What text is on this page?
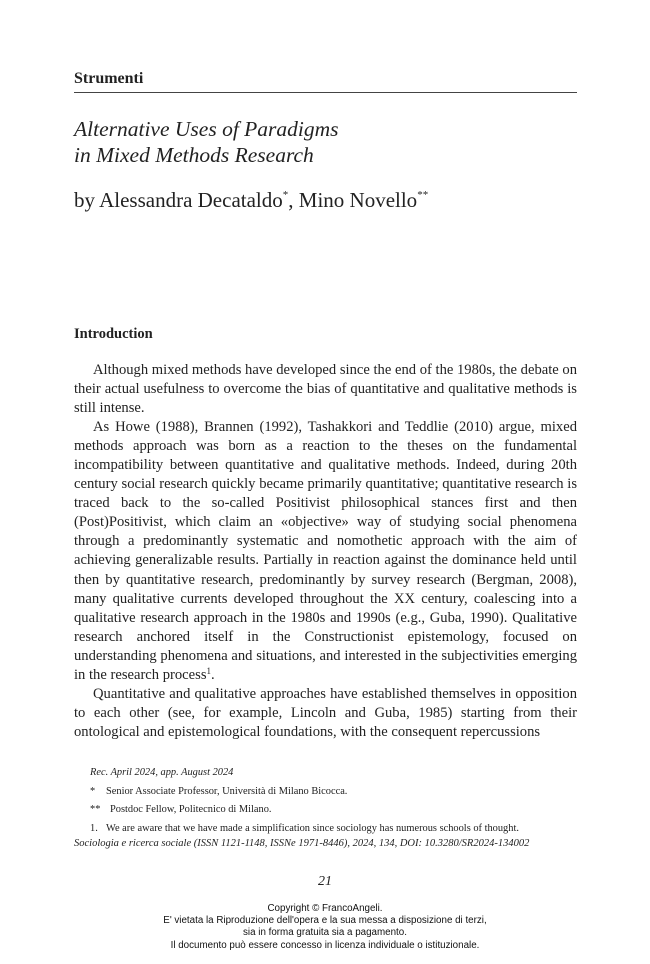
Strumenti
Alternative Uses of Paradigms
in Mixed Methods Research
by Alessandra Decataldo*, Mino Novello**
Introduction

Although mixed methods have developed since the end of the 1980s, the debate on their actual usefulness to overcome the bias of quantitative and qualitative methods is still intense.

As Howe (1988), Brannen (1992), Tashakkori and Teddlie (2010) argue, mixed methods approach was born as a reaction to the theses on the fundamental incompatibility between quantitative and qualitative methods. Indeed, during 20th century social research quickly became primarily quantitative; quantitative research is traced back to the so-called Positivist philosophical stances first and then (Post)Positivist, which claim an «objective» way of studying social phenomena through a predominantly systematic and nomothetic approach with the aim of achieving generalizable results. Partially in reaction against the dominance held until then by quantitative research, predominantly by survey research (Bergman, 2008), many qualitative currents developed throughout the XX century, coalescing into a qualitative research approach in the 1980s and 1990s (e.g., Guba, 1990). Qualitative research anchored itself in the Constructionist epistemology, focused on understanding phenomena and situations, and interested in the subjectivities emerging in the research process$^1$.

Quantitative and qualitative approaches have established themselves in opposition to each other (see, for example, Lincoln and Guba, 1985) starting from their ontological and epistemological foundations, with the consequent repercussions

Rec. April 2024, app. August 2024
*	Senior Associate Professor, Università di Milano Bicocca.
** Postdoc Fellow, Politecnico di Milano.
1. We are aware that we have made a simplification since sociology has numerous schools of thought.
Sociologia e ricerca sociale (ISSN 1121-1148, ISSNe 1971-8446), 2024, 134, DOI: 10.3280/SR2024-134002
21
Copyright © FrancoAngeli.
E' vietata la Riproduzione dell'opera e la sua messa a disposizione di terzi,
sia in forma gratuita sia a pagamento.
Il documento può essere concesso in licenza individuale o istituzionale.
